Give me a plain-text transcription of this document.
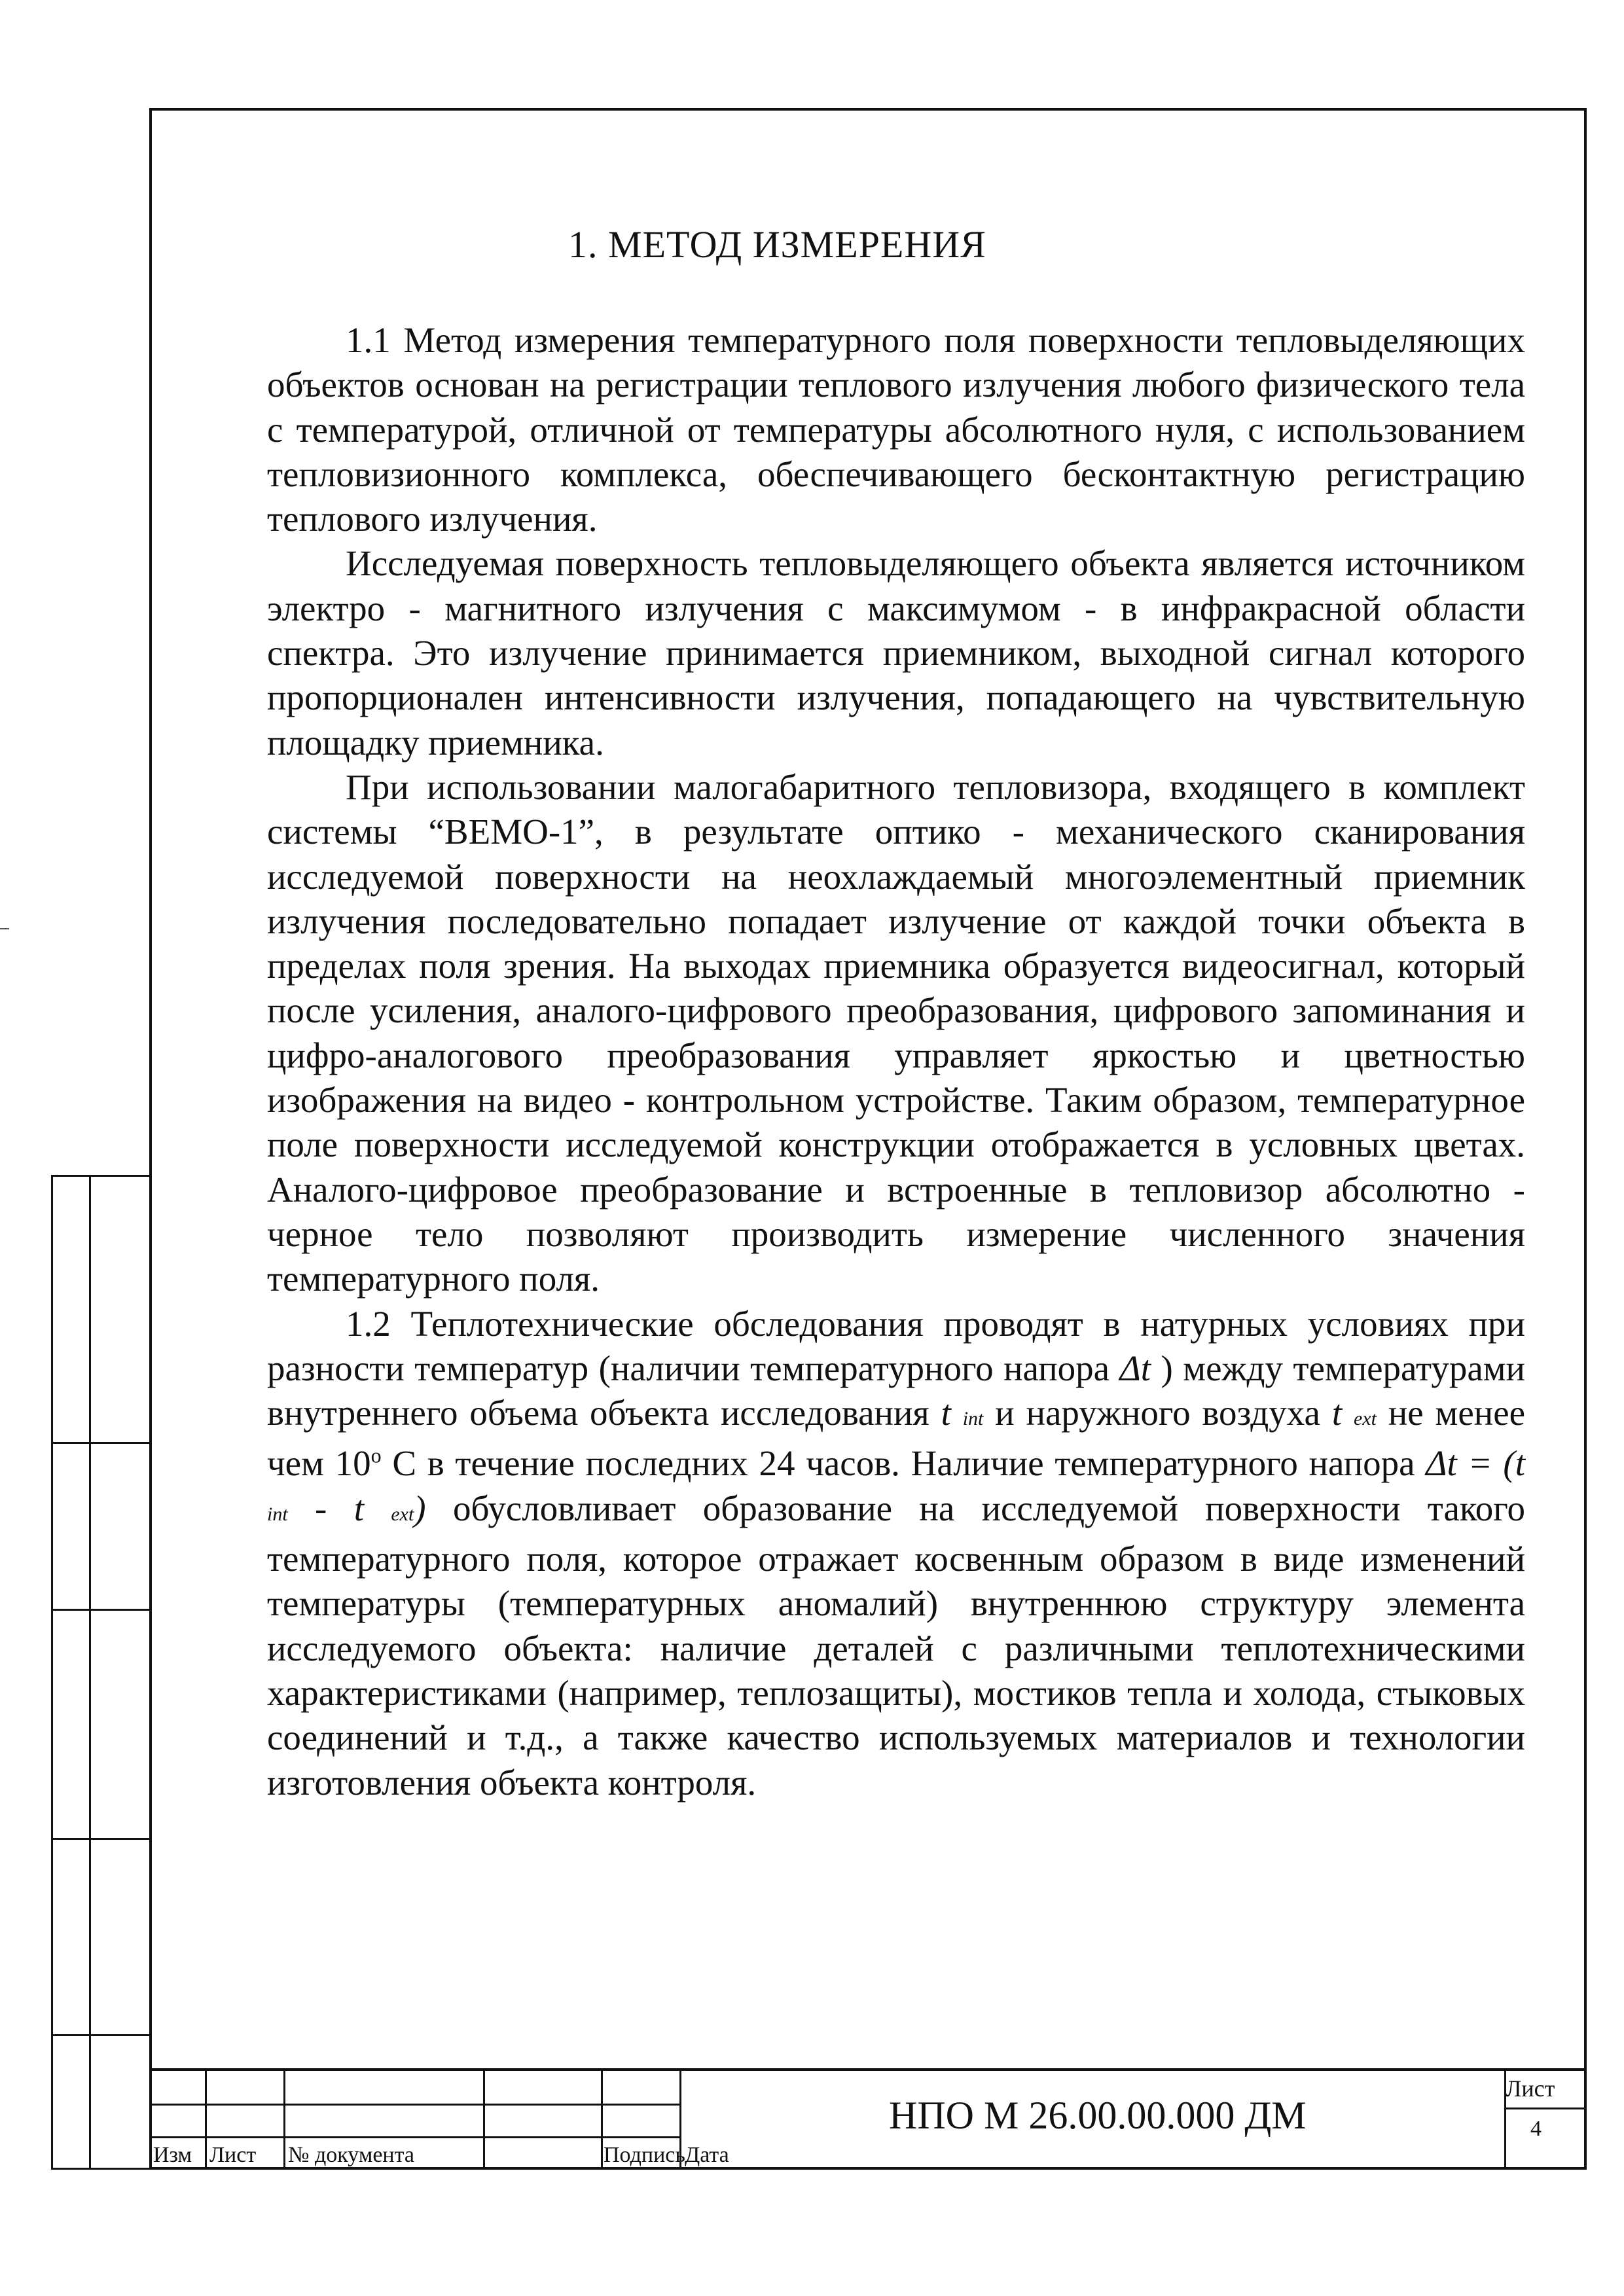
1. МЕТОД ИЗМЕРЕНИЯ

1.1 Метод измерения температурного поля поверхности тепловыделяющих объектов основан на регистрации теплового излучения любого физического тела с температурой, отличной от температуры абсолютного нуля, с использованием тепловизионного комплекса, обеспечивающего бесконтактную регистрацию теплового излучения.

Исследуемая поверхность тепловыделяющего объекта является источником электро - магнитного излучения с максимумом - в инфракрасной области спектра. Это излучение принимается приемником, выходной сигнал которого пропорционален интенсивности излучения, попадающего на чувствительную площадку приемника.

При использовании малогабаритного тепловизора, входящего в комплект системы “ВЕМО-1”, в результате оптико - механического сканирования исследуемой поверхности на неохлаждаемый многоэлементный приемник излучения последовательно попадает излучение от каждой точки объекта в пределах поля зрения. На выходах приемника образуется видеосигнал, который после усиления, аналого-цифрового преобразования, цифрового запоминания и цифро-аналогового преобразования управляет яркостью и цветностью изображения на видео - контрольном устройстве. Таким образом, температурное поле поверхности исследуемой конструкции отображается в условных цветах. Аналого-цифровое преобразование и встроенные в тепловизор абсолютно - черное тело позволяют производить измерение численного значения температурного поля.

1.2 Теплотехнические обследования проводят в натурных условиях при разности температур (наличии температурного напора Δt ) между температурами внутреннего объема объекта исследования t int и наружного воздуха t ext не менее чем 10$^o$ С в течение последних 24 часов. Наличие температурного напора Δt = (t int - t ext) обусловливает образование на исследуемой поверхности такого температурного поля, которое отражает косвенным образом в виде изменений температуры (температурных аномалий) внутреннюю структуру элемента исследуемого объекта: наличие деталей с различными теплотехническими характеристиками (например, теплозащиты), мостиков тепла и холода, стыковых соединений и т.д., а также качество используемых материалов и технологии изготовления объекта контроля.

Изм Лист № документа	Подпись Дата
НПО М 26.00.00.000 ДМ
Лист
4
